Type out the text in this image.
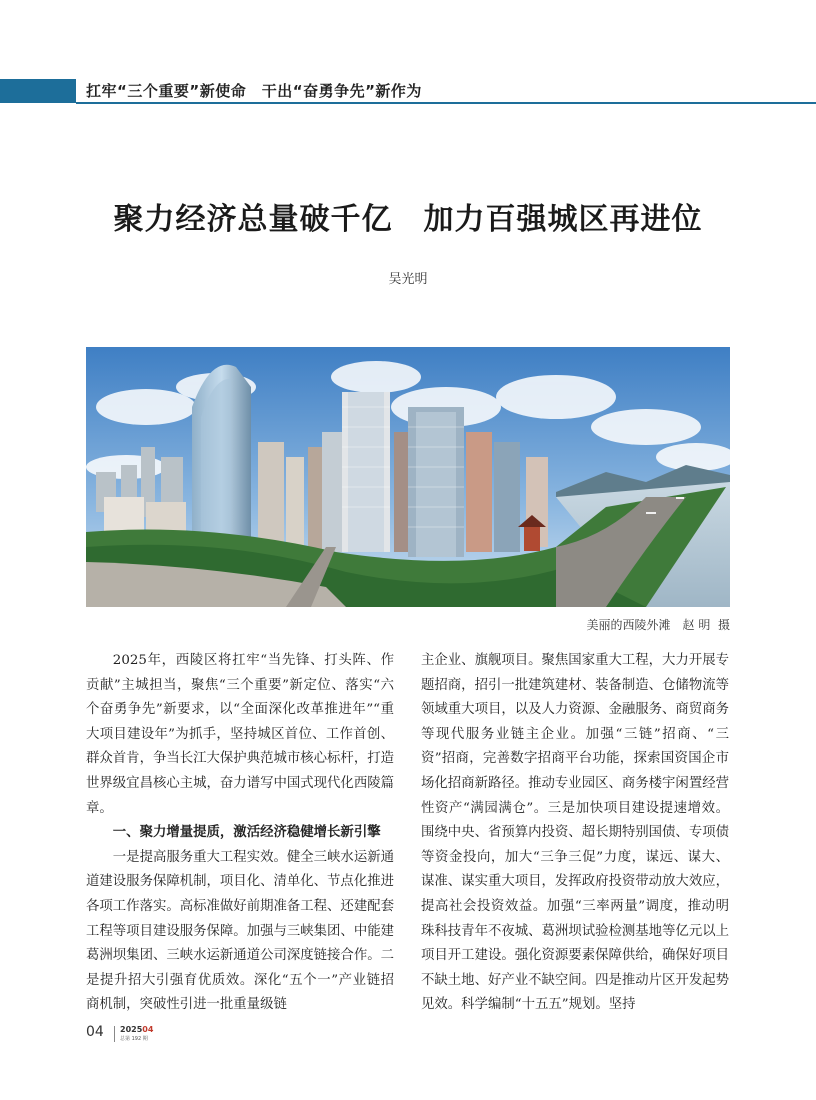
扛牢“三个重要”新使命　干出“奋勇争先”新作为
聚力经济总量破千亿　加力百强城区再进位
吴光明
美丽的西陵外滩　赵 明  摄

2025年，西陵区将扛牢“当先锋、打头阵、作贡献”主城担当，聚焦“三个重要”新定位、落实“六个奋勇争先”新要求，以“全面深化改革推进年”“重大项目建设年”为抓手，坚持城区首位、工作首创、群众首肯，争当长江大保护典范城市核心标杆，打造世界级宜昌核心主城，奋力谱写中国式现代化西陵篇章。

一、聚力增量提质，激活经济稳健增长新引擎

一是提高服务重大工程实效。健全三峡水运新通道建设服务保障机制，项目化、清单化、节点化推进各项工作落实。高标准做好前期准备工程、还建配套工程等项目建设服务保障。加强与三峡集团、中能建葛洲坝集团、三峡水运新通道公司深度链接合作。二是提升招大引强育优质效。深化“五个一”产业链招商机制，突破性引进一批重量级链

主企业、旗舰项目。聚焦国家重大工程，大力开展专题招商，招引一批建筑建材、装备制造、仓储物流等领域重大项目，以及人力资源、金融服务、商贸商务等现代服务业链主企业。加强“三链”招商、“三资”招商，完善数字招商平台功能，探索国资国企市场化招商新路径。推动专业园区、商务楼宇闲置经营性资产“满园满仓”。三是加快项目建设提速增效。围绕中央、省预算内投资、超长期特别国债、专项债等资金投向，加大“三争三促”力度，谋远、谋大、谋准、谋实重大项目，发挥政府投资带动放大效应，提高社会投资效益。加强“三率两量”调度，推动明珠科技青年不夜城、葛洲坝试验检测基地等亿元以上项目开工建设。强化资源要素保障供给，确保好项目不缺土地、好产业不缺空间。四是推动片区开发起势见效。科学编制“十五五”规划。坚持

04 202504
总第 192 期
